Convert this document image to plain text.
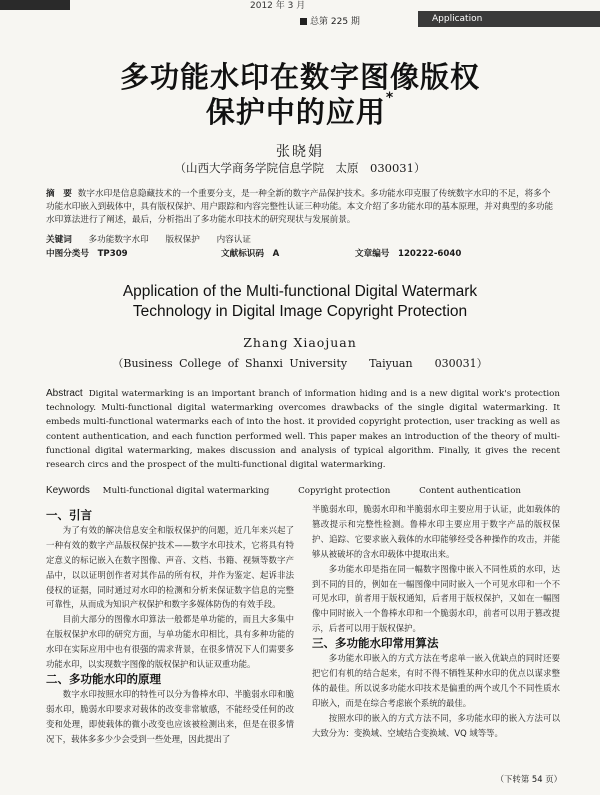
2012 年 3 月
总第 225 期	Application
多功能水印在数字图像版权
保护中的应用*
张晓娟
（山西大学商务学院信息学院　太原　030031）
摘　要 数字水印是信息隐藏技术的一个重要分支，是一种全新的数字产品保护技术。多功能水印克服了传统数字水印的不足，将多个功能水印嵌入到载体中，具有版权保护、用户跟踪和内容完整性认证三种功能。本文介绍了多功能水印的基本原理，并对典型的多功能水印算法进行了阐述，最后，分析指出了多功能水印技术的研究现状与发展前景。
关键词 多功能数字水印 版权保护 内容认证
中图分类号　TP309	文献标识码　A	文章编号　120222-6040
Application of the Multi-functional Digital Watermark
Technology in Digital Image Copyright Protection
Zhang Xiaojuan
（Business College of Shanxi University　　Taiyuan　　030031）
Abstract Digital watermarking is an important branch of information hiding and is a new digital work's protection technology. Multi-functional digital watermarking overcomes drawbacks of the single digital watermarking. It embeds multi-functional watermarks each of into the host. it provided copyright protection, user tracking as well as content authentication, and each function performed well. This paper makes an introduction of the theory of multi-functional digital watermarking, makes discussion and analysis of typical algorithm. Finally, it gives the recent research circs and the prospect of the multi-functional digital watermarking.
Keywords Multi-functional digital watermarking	Copyright protection	Content authentication

一、引言

为了有效的解决信息安全和版权保护的问题，近几年来兴起了一种有效的数字产品版权保护技术——数字水印技术，它将具有特定意义的标记嵌入在数字图像、声音、文档、书籍、视频等数字产品中，以以证明创作者对其作品的所有权，并作为鉴定、起诉非法侵权的证据，同时通过对水印的检测和分析来保证数字信息的完整可靠性，从而成为知识产权保护和数字多媒体防伪的有效手段。

目前大部分的图像水印算法一般都是单功能的，而且大多集中在版权保护水印的研究方面，与单功能水印相比，具有多种功能的水印在实际应用中也有很强的需求背景，在很多情况下人们需要多功能水印，以实现数字图像的版权保护和认证双重功能。

二、多功能水印的原理

数字水印按照水印的特性可以分为鲁棒水印、半脆弱水印和脆弱水印，脆弱水印要求对载体的改变非常敏感，不能经受任何的改变和处理，即使载体的微小改变也应该被检测出来，但是在很多情况下，载体多多少少会受到一些处理，因此提出了

半脆弱水印，脆弱水印和半脆弱水印主要应用于认证，此如载体的篡改提示和完整性检测。鲁棒水印主要应用于数字产品的版权保护、追踪、它要求嵌入载体的水印能够经受各种操作的攻击，并能够从被破坏的含水印载体中提取出来。

多功能水印是指在同一幅数字图像中嵌入不同性质的水印，达到不同的目的，例如在一幅图像中同时嵌入一个可见水印和一个不可见水印，前者用于版权通知，后者用于版权保护，又如在一幅图像中同时嵌入一个鲁棒水印和一个脆弱水印，前者可以用于篡改提示，后者可以用于版权保护。

三、多功能水印常用算法

多功能水印嵌入的方式方法在考虑单一嵌入优缺点的同时还要把它们有机的结合起来，有时不得不牺牲某种水印的优点以谋求整体的最佳。所以说多功能水印技术是偏重的两个或几个不同性质水印嵌入，而是在综合考虑嵌个系统的最佳。

按照水印的嵌入的方式方法不同，多功能水印的嵌入方法可以大致分为：变换域、空域结合变换域、VQ 域等等。

（下转第 54 页）
